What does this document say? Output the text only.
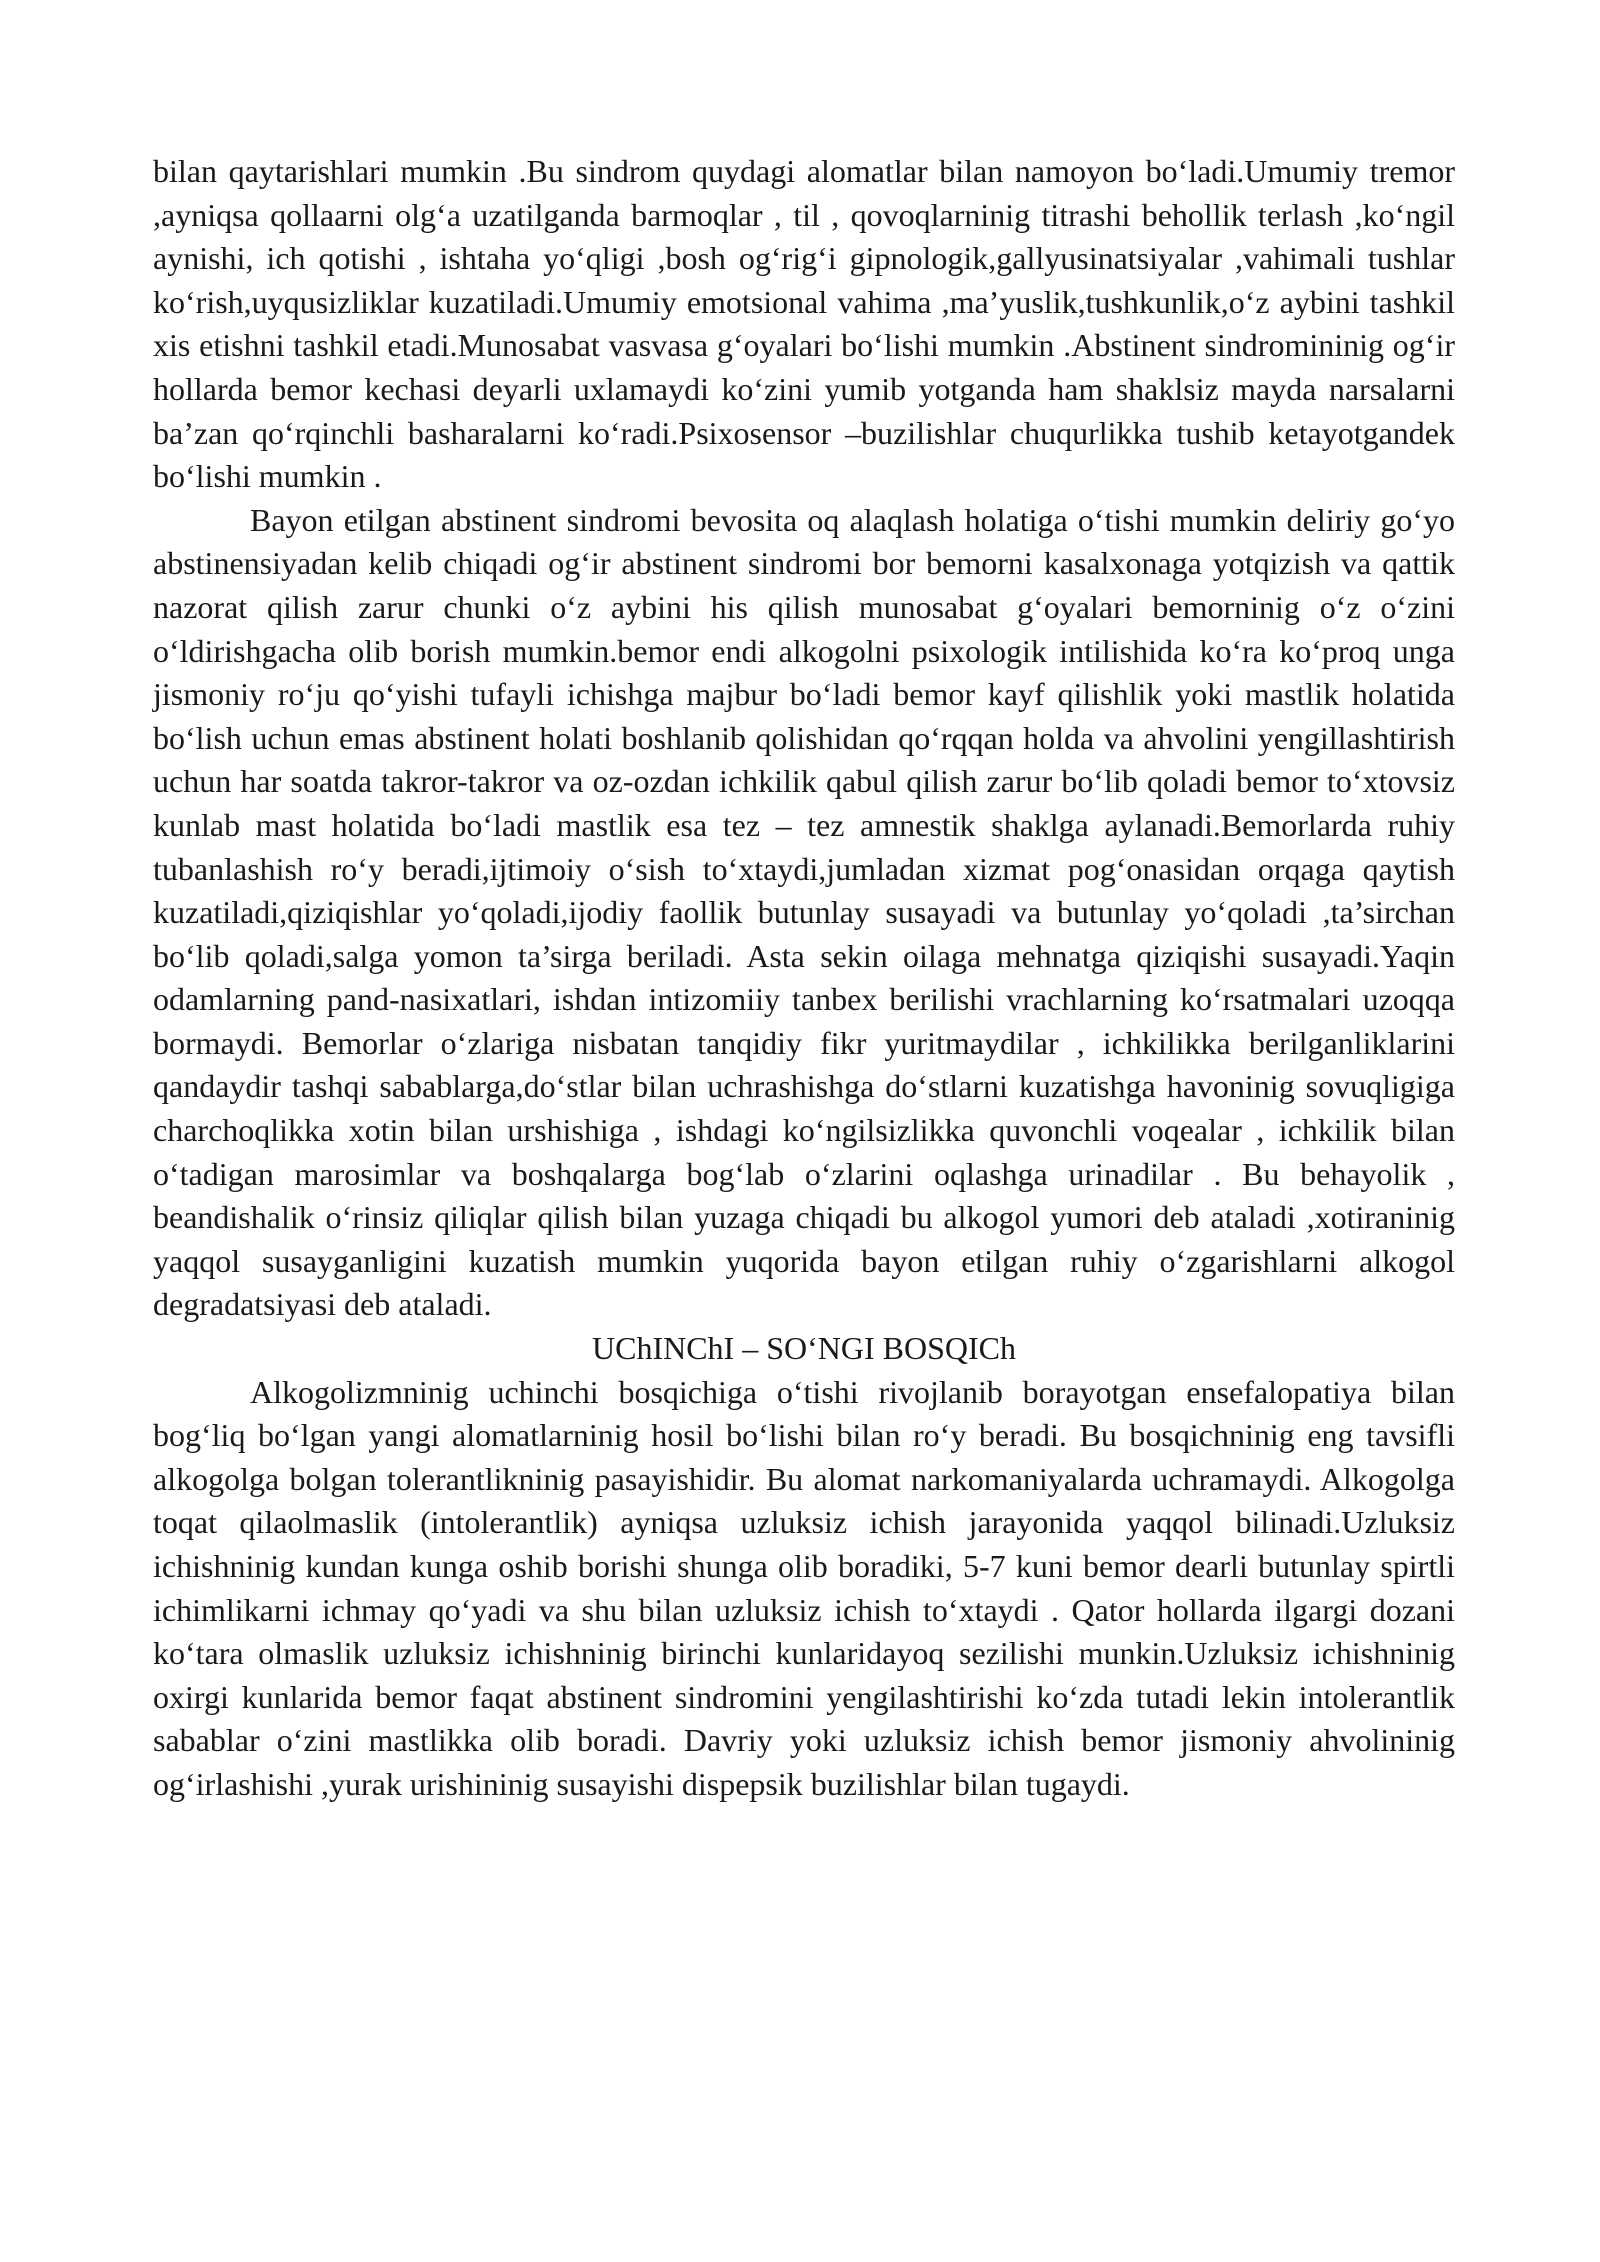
bilan qaytarishlari mumkin .Bu sindrom quydagi alomatlar bilan namoyon bo‘ladi.Umumiy tremor ,ayniqsa qollaarni olg‘a uzatilganda barmoqlar , til , qovoqlarninig titrashi behollik terlash ,ko‘ngil aynishi, ich qotishi , ishtaha yo‘qligi ,bosh og‘rig‘i gipnologik,gallyusinatsiyalar ,vahimali tushlar ko‘rish,uyqusizliklar kuzatiladi.Umumiy emotsional vahima ,ma’yuslik,tushkunlik,o‘z aybini tashkil xis etishni tashkil etadi.Munosabat vasvasa g‘oyalari bo‘lishi mumkin .Abstinent sindromininig og‘ir hollarda bemor kechasi deyarli uxlamaydi ko‘zini yumib yotganda ham shaklsiz mayda narsalarni ba’zan qo‘rqinchli basharalarni ko‘radi.Psixosensor –buzilishlar chuqurlikka tushib ketayotgandek bo‘lishi mumkin .

Bayon etilgan abstinent sindromi bevosita oq alaqlash holatiga o‘tishi mumkin deliriy go‘yo abstinensiyadan kelib chiqadi og‘ir abstinent sindromi bor bemorni kasalxonaga yotqizish va qattik nazorat qilish zarur chunki o‘z aybini his qilish munosabat g‘oyalari bemorninig o‘z o‘zini o‘ldirishgacha olib borish mumkin.bemor endi alkogolni psixologik intilishida ko‘ra ko‘proq unga jismoniy ro‘ju qo‘yishi tufayli ichishga majbur bo‘ladi bemor kayf qilishlik yoki mastlik holatida bo‘lish uchun emas abstinent holati boshlanib qolishidan qo‘rqqan holda va ahvolini yengillashtirish uchun har soatda takror-takror va oz-ozdan ichkilik qabul qilish zarur bo‘lib qoladi bemor to‘xtovsiz kunlab mast holatida bo‘ladi mastlik esa tez – tez amnestik shaklga aylanadi.Bemorlarda ruhiy tubanlashish ro‘y beradi,ijtimoiy o‘sish to‘xtaydi,jumladan xizmat pog‘onasidan orqaga qaytish kuzatiladi,qiziqishlar yo‘qoladi,ijodiy faollik butunlay susayadi va butunlay yo‘qoladi ,ta’sirchan bo‘lib qoladi,salga yomon ta’sirga beriladi. Asta sekin oilaga mehnatga qiziqishi susayadi.Yaqin odamlarning pand-nasixatlari, ishdan intizomiiy tanbex berilishi vrachlarning ko‘rsatmalari uzoqqa bormaydi. Bemorlar o‘zlariga nisbatan tanqidiy fikr yuritmaydilar , ichkilikka berilganliklarini qandaydir tashqi sabablarga,do‘stlar bilan uchrashishga do‘stlarni kuzatishga havoninig sovuqligiga charchoqlikka xotin bilan urshishiga , ishdagi ko‘ngilsizlikka quvonchli voqealar , ichkilik bilan o‘tadigan marosimlar va boshqalarga bog‘lab o‘zlarini oqlashga urinadilar . Bu behayolik , beandishalik o‘rinsiz qiliqlar qilish bilan yuzaga chiqadi bu alkogol yumori deb ataladi ,xotiraninig yaqqol susayganligini kuzatish mumkin yuqorida bayon etilgan ruhiy o‘zgarishlarni alkogol degradatsiyasi deb ataladi.

UChINChI – SO‘NGI BOSQICh

Alkogolizmninig uchinchi bosqichiga o‘tishi rivojlanib borayotgan ensefalopatiya bilan bog‘liq bo‘lgan yangi alomatlarninig hosil bo‘lishi bilan ro‘y beradi. Bu bosqichninig eng tavsifli alkogolga bolgan tolerantlikninig pasayishidir. Bu alomat narkomaniyalarda uchramaydi. Alkogolga toqat qilaolmaslik (intolerantlik) ayniqsa uzluksiz ichish jarayonida yaqqol bilinadi.Uzluksiz ichishninig kundan kunga oshib borishi shunga olib boradiki, 5-7 kuni bemor dearli butunlay spirtli ichimlikarni ichmay qo‘yadi va shu bilan uzluksiz ichish to‘xtaydi . Qator hollarda ilgargi dozani ko‘tara olmaslik uzluksiz ichishninig birinchi kunlaridayoq sezilishi munkin.Uzluksiz ichishninig oxirgi kunlarida bemor faqat abstinent sindromini yengilashtirishi ko‘zda tutadi lekin intolerantlik sabablar o‘zini mastlikka olib boradi. Davriy yoki uzluksiz ichish bemor jismoniy ahvolininig og‘irlashishi ,yurak urishininig susayishi dispepsik buzilishlar bilan tugaydi.
